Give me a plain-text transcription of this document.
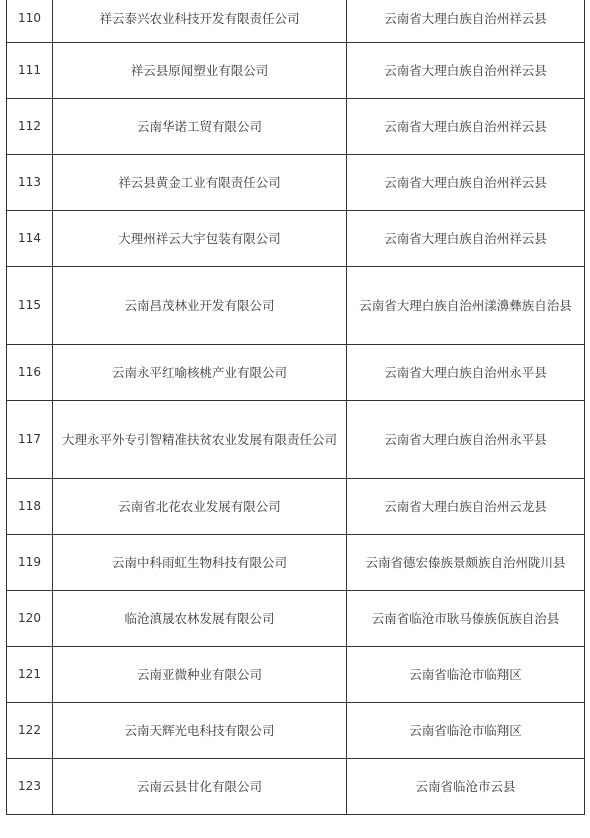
110	祥云泰兴农业科技开发有限责任公司	云南省大理白族自治州祥云县
111	祥云县原闻塑业有限公司	云南省大理白族自治州祥云县
112	云南华诺工贸有限公司	云南省大理白族自治州祥云县
113	祥云县黄金工业有限责任公司	云南省大理白族自治州祥云县
114	大理州祥云大宇包装有限公司	云南省大理白族自治州祥云县
115	云南昌茂林业开发有限公司	云南省大理白族自治州漾濞彝族自治县
116	云南永平红喻核桃产业有限公司	云南省大理白族自治州永平县
117	大理永平外专引智精准扶贫农业发展有限责任公司	云南省大理白族自治州永平县
118	云南省北花农业发展有限公司	云南省大理白族自治州云龙县
119	云南中科雨虹生物科技有限公司	云南省德宏傣族景颇族自治州陇川县
120	临沧滇晟农林发展有限公司	云南省临沧市耿马傣族佤族自治县
121	云南亚微种业有限公司	云南省临沧市临翔区
122	云南天辉光电科技有限公司	云南省临沧市临翔区
123	云南云县甘化有限公司	云南省临沧市云县
